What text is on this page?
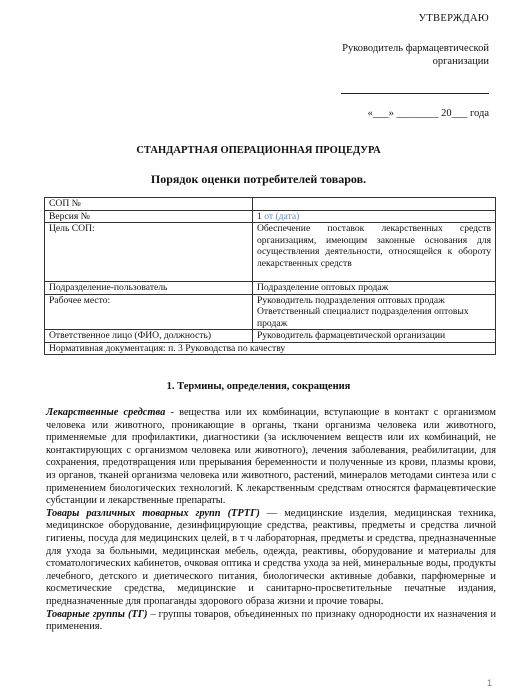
УТВЕРЖДАЮ
Руководитель фармацевтической организации
«___» ________ 20___ года
СТАНДАРТНАЯ ОПЕРАЦИОННАЯ ПРОЦЕДУРА
Порядок оценки потребителей товаров.
СОП №	
Версия №	1 от (дата)
Цель СОП:	Обеспечение поставок лекарственных средств организациям, имеющим законные основания для осуществления деятельности, относящейся к обороту лекарственных средств
Подразделение-пользователь	Подразделение оптовых продаж
Рабочее место:	Руководитель подразделения оптовых продаж
Ответственный специалист подразделения оптовых продаж

Ответственное лицо (ФИО, должность)	Руководитель фармацевтической организации
Нормативная документация: п. 3 Руководства по качеству	
1. Термины, определения, сокращения

Лекарственные средства - вещества или их комбинации, вступающие в контакт с организмом человека или животного, проникающие в органы, ткани организма человека или животного, применяемые для профилактики, диагностики (за исключением веществ или их комбинаций, не контактирующих с организмом человека или животного), лечения заболевания, реабилитации, для сохранения, предотвращения или прерывания беременности и полученные из крови, плазмы крови, из органов, тканей организма человека или животного, растений, минералов методами синтеза или с применением биологических технологий. К лекарственным средствам относятся фармацевтические субстанции и лекарственные препараты.

Товары различных товарных групп (ТРТГ) — медицинские изделия, медицинская техника, медицинское оборудование, дезинфицирующие средства, реактивы, предметы и средства личной гигиены, посуда для медицинских целей, в т ч лабораторная, предметы и средства, предназначенные для ухода за больными, медицинская мебель, одежда, реактивы, оборудование и материалы для стоматологических кабинетов, очковая оптика и средства ухода за ней, минеральные воды, продукты лечебного, детского и диетического питания, биологически активные добавки, парфюмерные и косметические средства, медицинские и санитарно-просветительные печатные издания, предназначенные для пропаганды здорового образа жизни и прочие товары.

Товарные группы (ТГ) – группы товаров, объединенных по признаку однородности их назначения и применения.

1
